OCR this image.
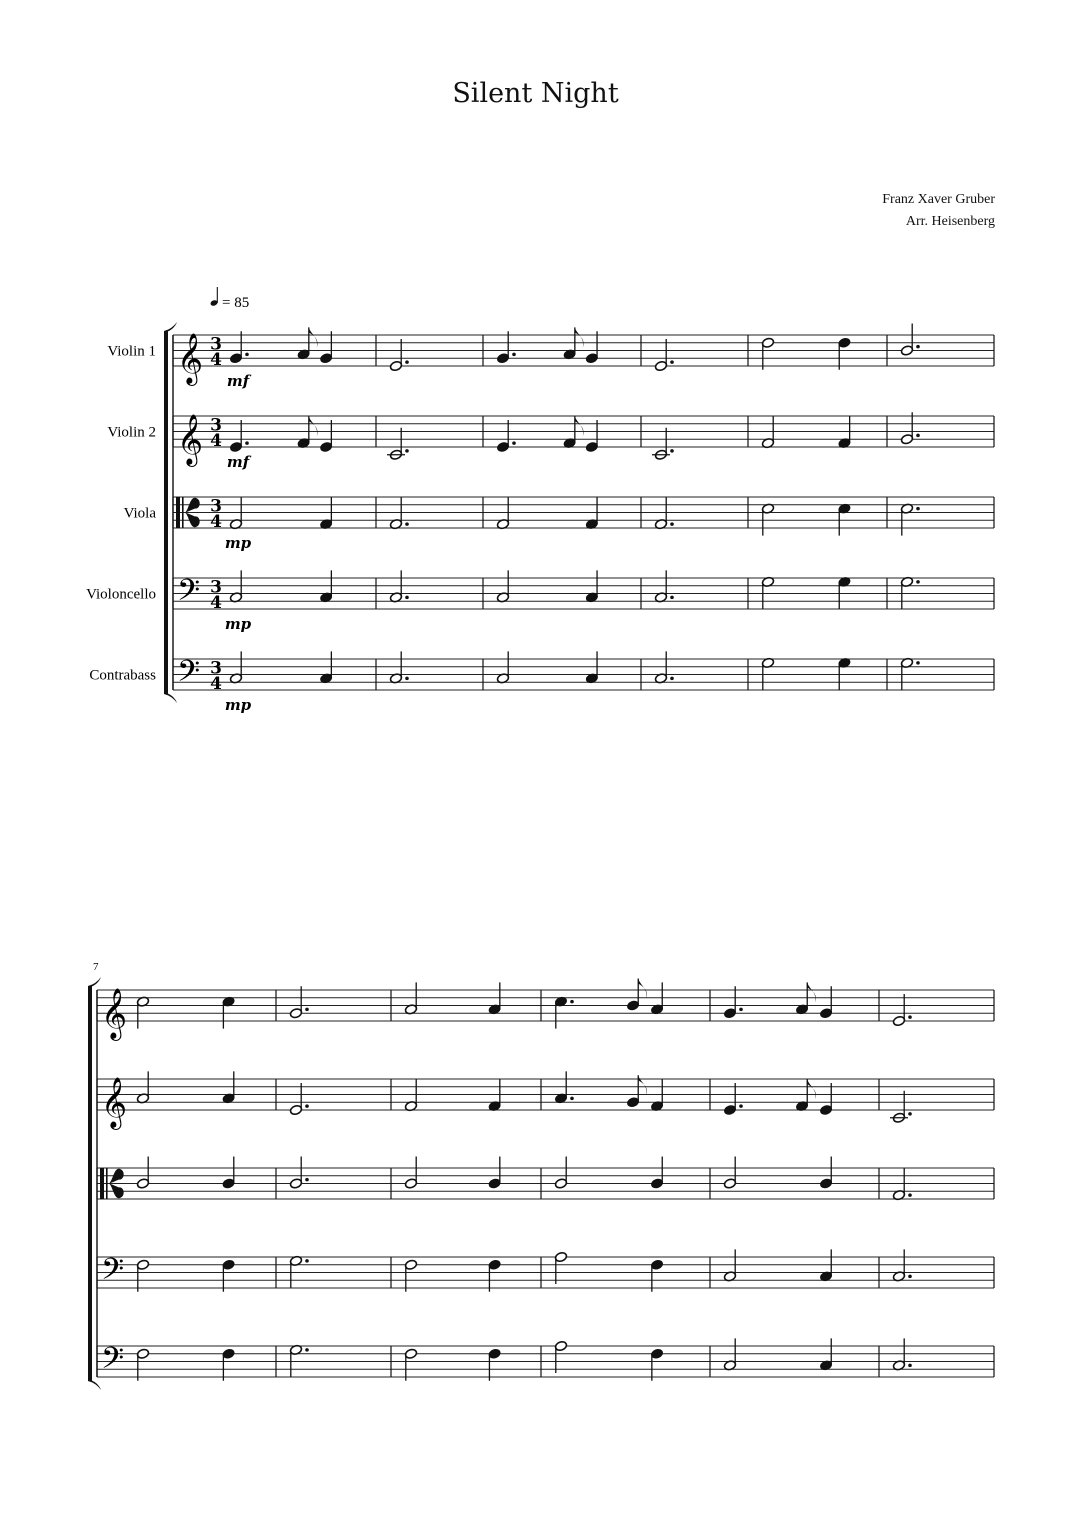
Silent Night
Franz Xaver Gruber
Arr. Heisenberg
= 85
𝄞
Violin 1	3
4
mf
𝄞
Violin 2	3
4
mf
Viola	3
4
mp
𝄢
Violoncello	3
4
mp
𝄢
Contrabass	3
4
mp
7
𝄞
𝄞
𝄢
𝄢
